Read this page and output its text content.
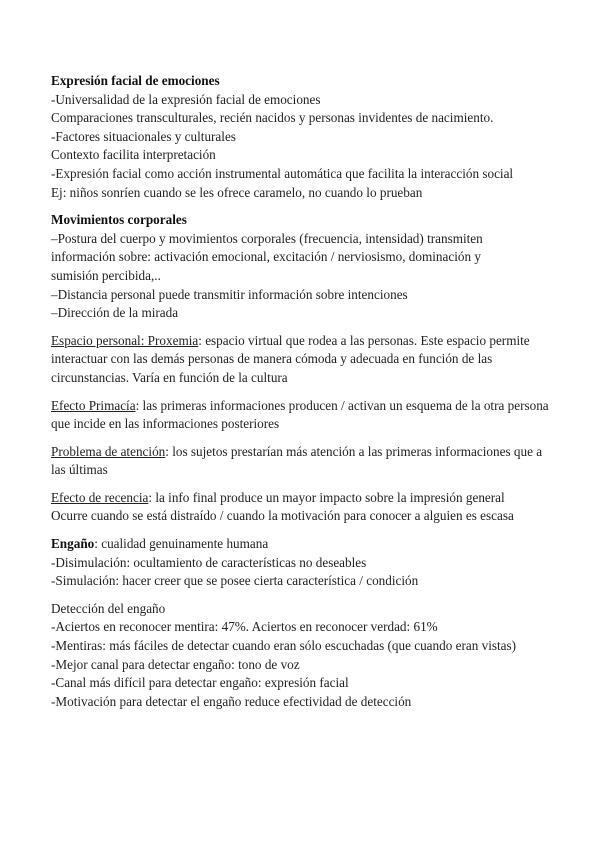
Expresión facial de emociones
-Universalidad de la expresión facial de emociones
Comparaciones transculturales, recién nacidos y personas invidentes de nacimiento.
-Factores situacionales y culturales
Contexto facilita interpretación
-Expresión facial como acción instrumental automática que facilita la interacción social
Ej: niños sonríen cuando se les ofrece caramelo, no cuando lo prueban
Movimientos corporales
–Postura del cuerpo y movimientos corporales (frecuencia, intensidad) transmiten
información sobre: activación emocional, excitación / nerviosismo, dominación y
sumisión percibida,..
–Distancia personal puede transmitir información sobre intenciones
–Dirección de la mirada
Espacio personal: Proxemia: espacio virtual que rodea a las personas. Este espacio permite interactuar con las demás personas de manera cómoda y adecuada en función de las circunstancias. Varía en función de la cultura
Efecto Primacía: las primeras informaciones producen / activan un esquema de la otra persona que incide en las informaciones posteriores
Problema de atención: los sujetos prestarían más atención a las primeras informaciones que a las últimas
Efecto de recencia: la info final produce un mayor impacto sobre la impresión general
Ocurre cuando se está distraído / cuando la motivación para conocer a alguien es escasa
Engaño: cualidad genuinamente humana
-Disimulación: ocultamiento de características no deseables
-Simulación: hacer creer que se posee cierta característica / condición
Detección del engaño
-Aciertos en reconocer mentira: 47%. Aciertos en reconocer verdad: 61%
-Mentiras: más fáciles de detectar cuando eran sólo escuchadas (que cuando eran vistas)
-Mejor canal para detectar engaño: tono de voz
-Canal más difícil para detectar engaño: expresión facial
-Motivación para detectar el engaño reduce efectividad de detección
